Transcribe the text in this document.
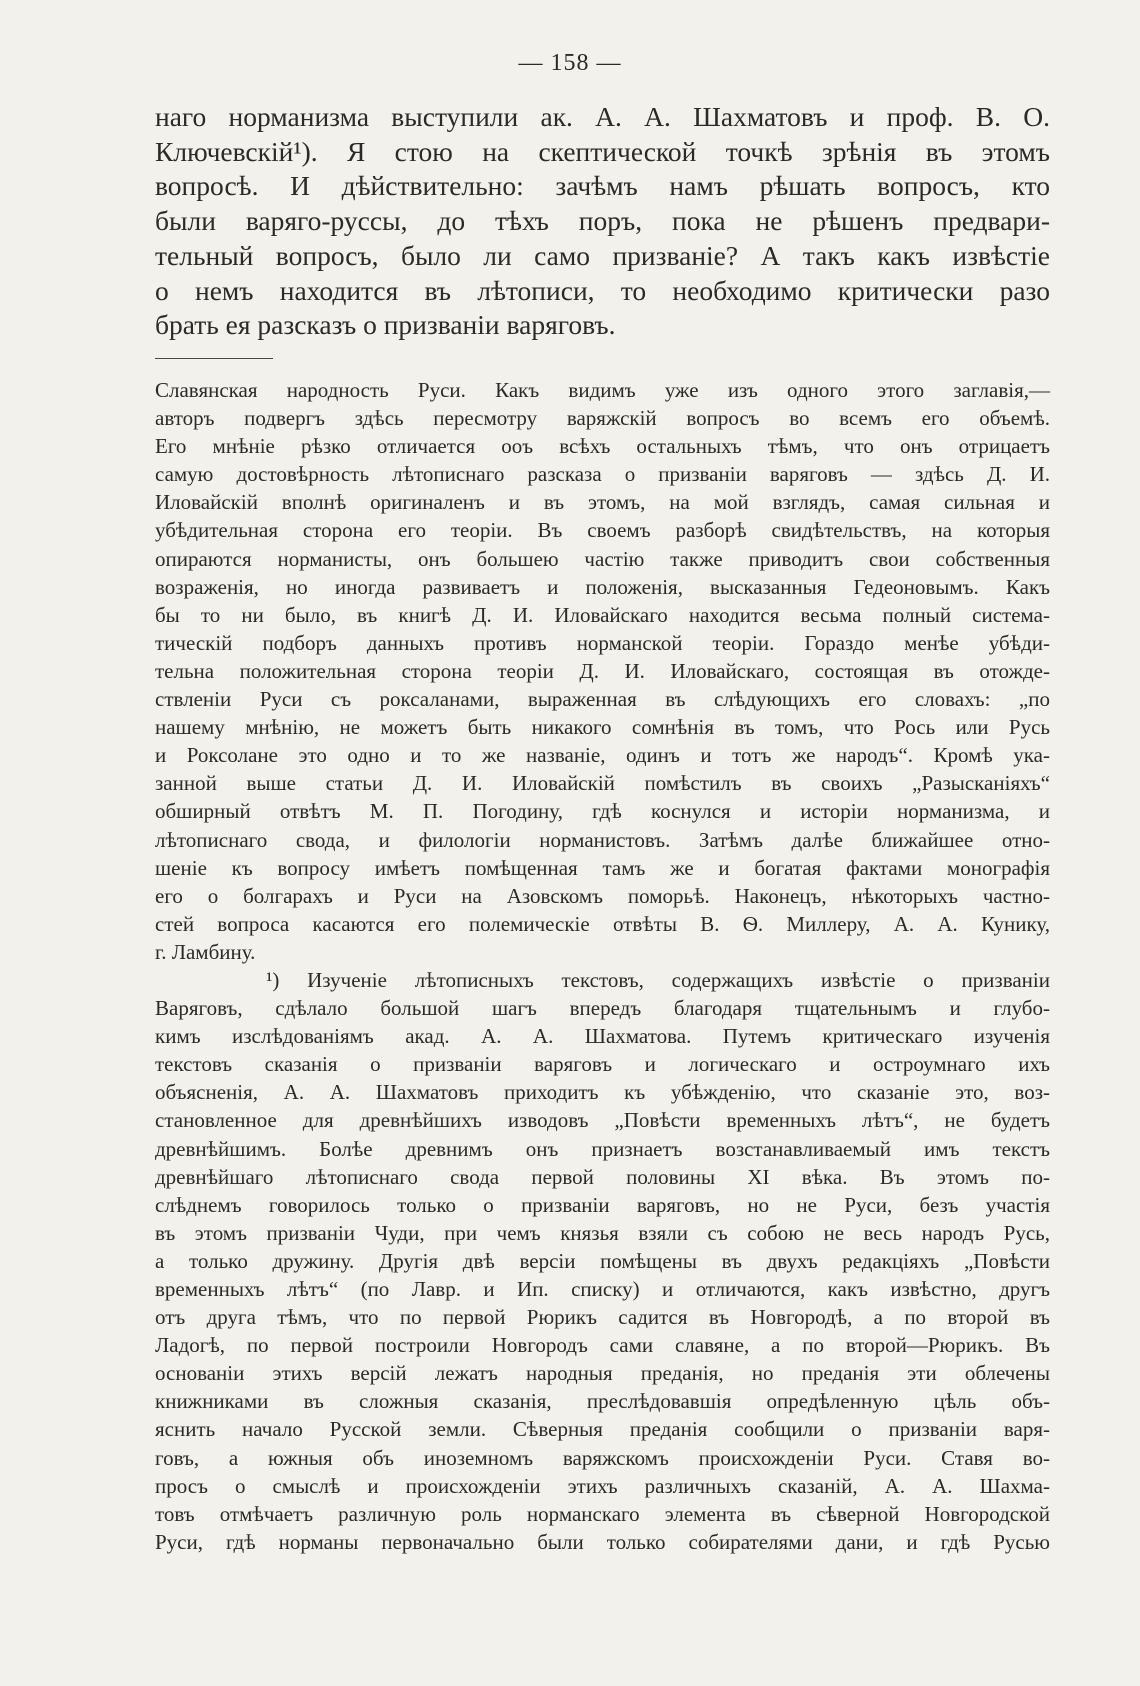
— 158 —
наго норманизма выступили ак. А. А. Шахматовъ и проф. В. О.
Ключевскій¹). Я стою на скептической точкѣ зрѣнія въ этомъ
вопросѣ. И дѣйствительно: зачѣмъ намъ рѣшать вопросъ, кто
были варяго-руссы, до тѣхъ поръ, пока не рѣшенъ предвари-
тельный вопросъ, было ли само призваніе? А такъ какъ извѣстіе
о немъ находится въ лѣтописи, то необходимо критически разо
брать ея разсказъ о призваніи варяговъ.
Славянская народность Руси. Какъ видимъ уже изъ одного этого заглавія,—
авторъ подвергъ здѣсь пересмотру варяжскій вопросъ во всемъ его объемѣ.
Его мнѣніе рѣзко отличается оoъ всѣхъ остальныхъ тѣмъ, что онъ отрицаетъ
самую достовѣрность лѣтописнаго разсказа о призваніи варяговъ — здѣсь Д. И.
Иловайскій вполнѣ оригиналенъ и въ этомъ, на мой взглядъ, самая сильная и
убѣдительная сторона его теоріи. Въ своемъ разборѣ свидѣтельствъ, на которыя
опираются норманисты, онъ большею частію также приводитъ свои собственныя
возраженія, но иногда развиваетъ и положенія, высказанныя Гедеоновымъ. Какъ
бы то ни было, въ книгѣ Д. И. Иловайскаго находится весьма полный система-
тическій подборъ данныхъ противъ норманской теоріи. Гораздо менѣе убѣди-
тельна положительная сторона теоріи Д. И. Иловайскаго, состоящая въ отожде-
ствленіи Руси съ роксаланами, выраженная въ слѣдующихъ его словахъ: „по
нашему мнѣнію, не можетъ быть никакого сомнѣнія въ томъ, что Рось или Русь
и Роксолане это одно и то же названіе, одинъ и тотъ же народъ“. Кромѣ ука-
занной выше статьи Д. И. Иловайскій помѣстилъ въ своихъ „Разысканіяхъ“
обширный отвѣтъ М. П. Погодину, гдѣ коснулся и исторіи норманизма, и
лѣтописнаго свода, и филологіи норманистовъ. Затѣмъ далѣе ближайшее отно-
шеніе къ вопросу имѣетъ помѣщенная тамъ же и богатая фактами монографія
его о болгарахъ и Руси на Азовскомъ поморьѣ. Наконецъ, нѣкоторыхъ частно-
стей вопроса касаются его полемическіе отвѣты В. Ѳ. Миллеру, А. А. Кунику,
г. Ламбину.
¹) Изученіе лѣтописныхъ текстовъ, содержащихъ извѣстіе о призваніи
Варяговъ, сдѣлало большой шагъ впередъ благодаря тщательнымъ и глубо-
кимъ изслѣдованіямъ акад. А. А. Шахматова. Путемъ критическаго изученія
текстовъ сказанія о призваніи варяговъ и логическаго и остроумнаго ихъ
объясненія, А. А. Шахматовъ приходитъ къ убѣжденію, что сказаніе это, воз-
становленное для древнѣйшихъ изводовъ „Повѣсти временныхъ лѣтъ“, не будетъ
древнѣйшимъ. Болѣе древнимъ онъ признаетъ возстанавливаемый имъ текстъ
древнѣйшаго лѣтописнаго свода первой половины XI вѣка. Въ этомъ по-
слѣднемъ говорилось только о призваніи варяговъ, но не Руси, безъ участія
въ этомъ призваніи Чуди, при чемъ князья взяли съ собою не весь народъ Русь,
а только дружину. Другія двѣ версіи помѣщены въ двухъ редакціяхъ „Повѣсти
временныхъ лѣтъ“ (по Лавр. и Ип. списку) и отличаются, какъ извѣстно, другъ
отъ друга тѣмъ, что по первой Рюрикъ садится въ Новгородѣ, а по второй въ
Ладогѣ, по первой построили Новгородъ сами славяне, а по второй—Рюрикъ. Въ
основаніи этихъ версій лежатъ народныя преданія, но преданія эти облечены
книжниками въ сложныя сказанія, преслѣдовавшія опредѣленную цѣль объ-
яснить начало Русской земли. Сѣверныя преданія сообщили о призваніи варя-
говъ, а южныя объ иноземномъ варяжскомъ происхожденіи Руси. Ставя во-
просъ о смыслѣ и происхожденіи этихъ различныхъ сказаній, А. А. Шахма-
товъ отмѣчаетъ различную роль норманскаго элемента въ сѣверной Новгородской
Руси, гдѣ норманы первоначально были только собирателями дани, и гдѣ Русью
